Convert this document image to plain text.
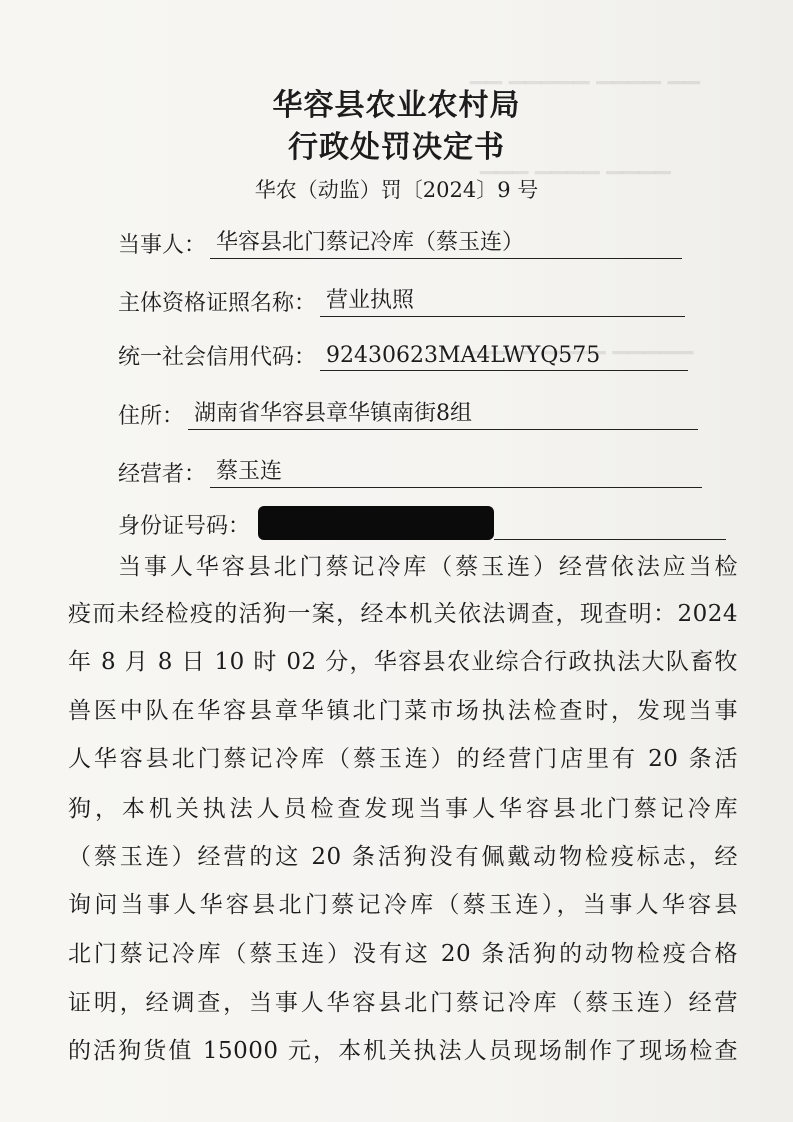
▁▁ ▁▁▁▁ ▁▁▁▁▁ ▁▁
▁▁▁▁ ▁▁▁▁ ▁▁▁
▁▁▁▁▁ ▁▁▁▁ ▁▁▁▁
华容县农业农村局
行政处罚决定书
华农（动监）罚〔2024〕9 号
当事人： 华容县北门蔡记冷库（蔡玉连）
主体资格证照名称： 营业执照
统一社会信用代码： 92430623MA4LWYQ575
住所： 湖南省华容县章华镇南街8组
经营者： 蔡玉连
身份证号码：
当事人华容县北门蔡记冷库（蔡玉连）经营依法应当检
疫而未经检疫的活狗一案，经本机关依法调查，现查明：2024
年 8 月 8 日 10 时 02 分，华容县农业综合行政执法大队畜牧
兽医中队在华容县章华镇北门菜市场执法检查时，发现当事
人华容县北门蔡记冷库（蔡玉连）的经营门店里有 20 条活
狗，本机关执法人员检查发现当事人华容县北门蔡记冷库
（蔡玉连）经营的这 20 条活狗没有佩戴动物检疫标志，经
询问当事人华容县北门蔡记冷库（蔡玉连），当事人华容县
北门蔡记冷库（蔡玉连）没有这 20 条活狗的动物检疫合格
证明，经调查，当事人华容县北门蔡记冷库（蔡玉连）经营
的活狗货值 15000 元，本机关执法人员现场制作了现场检查
